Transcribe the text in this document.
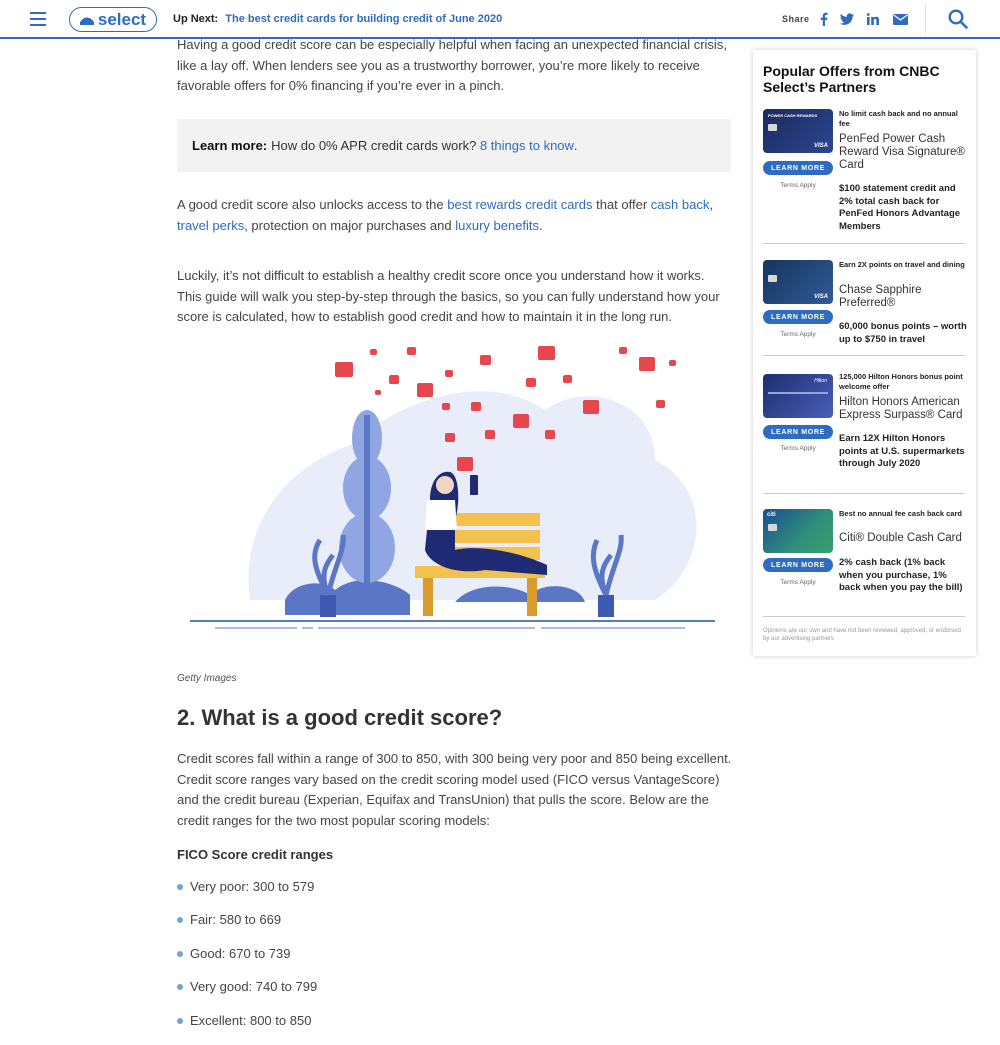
select Up Next: The best credit cards for building credit of June 2020	Share
Having a good credit score can be especially helpful when facing an unexpected financial crisis, like a lay off. When lenders see you as a trustworthy borrower, you’re more likely to receive favorable offers for 0% financing if you’re ever in a pinch.
Learn more: How do 0% APR credit cards work?
8 things to know .
A good credit score also unlocks access to the best rewards credit cards that offer cash back, travel perks, protection on major purchases and luxury benefits.
Luckily, it’s not difficult to establish a healthy credit score once you understand how it works. This guide will walk you step-by-step through the basics, so you can fully understand how your score is calculated, how to establish good credit and how to maintain it in the long run.
Getty Images
2. What is a good credit score?
Credit scores fall within a range of 300 to 850, with 300 being very poor and 850 being excellent. Credit score ranges vary based on the credit scoring model used (FICO versus VantageScore) and the credit bureau (Experian, Equifax and TransUnion) that pulls the score. Below are the credit ranges for the two most popular scoring models:
FICO Score credit ranges
Very poor: 300 to 579
Fair: 580 to 669
Good: 670 to 739
Very good: 740 to 799
Excellent: 800 to 850
Popular Offers from CNBC Select’s Partners
POWER CASH REWARDS
VISA
LEARN MORE
Terms Apply
No limit cash back and no annual fee
PenFed Power Cash Reward Visa Signature® Card
$100 statement credit and 2% total cash back for PenFed Honors Advantage Members
VISA
LEARN MORE
Terms Apply
Earn 2X points on travel and dining
Chase Sapphire Preferred®
60,000 bonus points – worth up to $750 in travel
Hilton
LEARN MORE
Terms Apply
125,000 Hilton Honors bonus point welcome offer
Hilton Honors American Express Surpass® Card
Earn 12X Hilton Honors points at U.S. supermarkets through July 2020
citi
LEARN MORE
Terms Apply
Best no annual fee cash back card
Citi® Double Cash Card
2% cash back (1% back when you purchase, 1% back when you pay the bill)
Opinions are our own and have not been reviewed, approved, or endorsed by our advertising partners
